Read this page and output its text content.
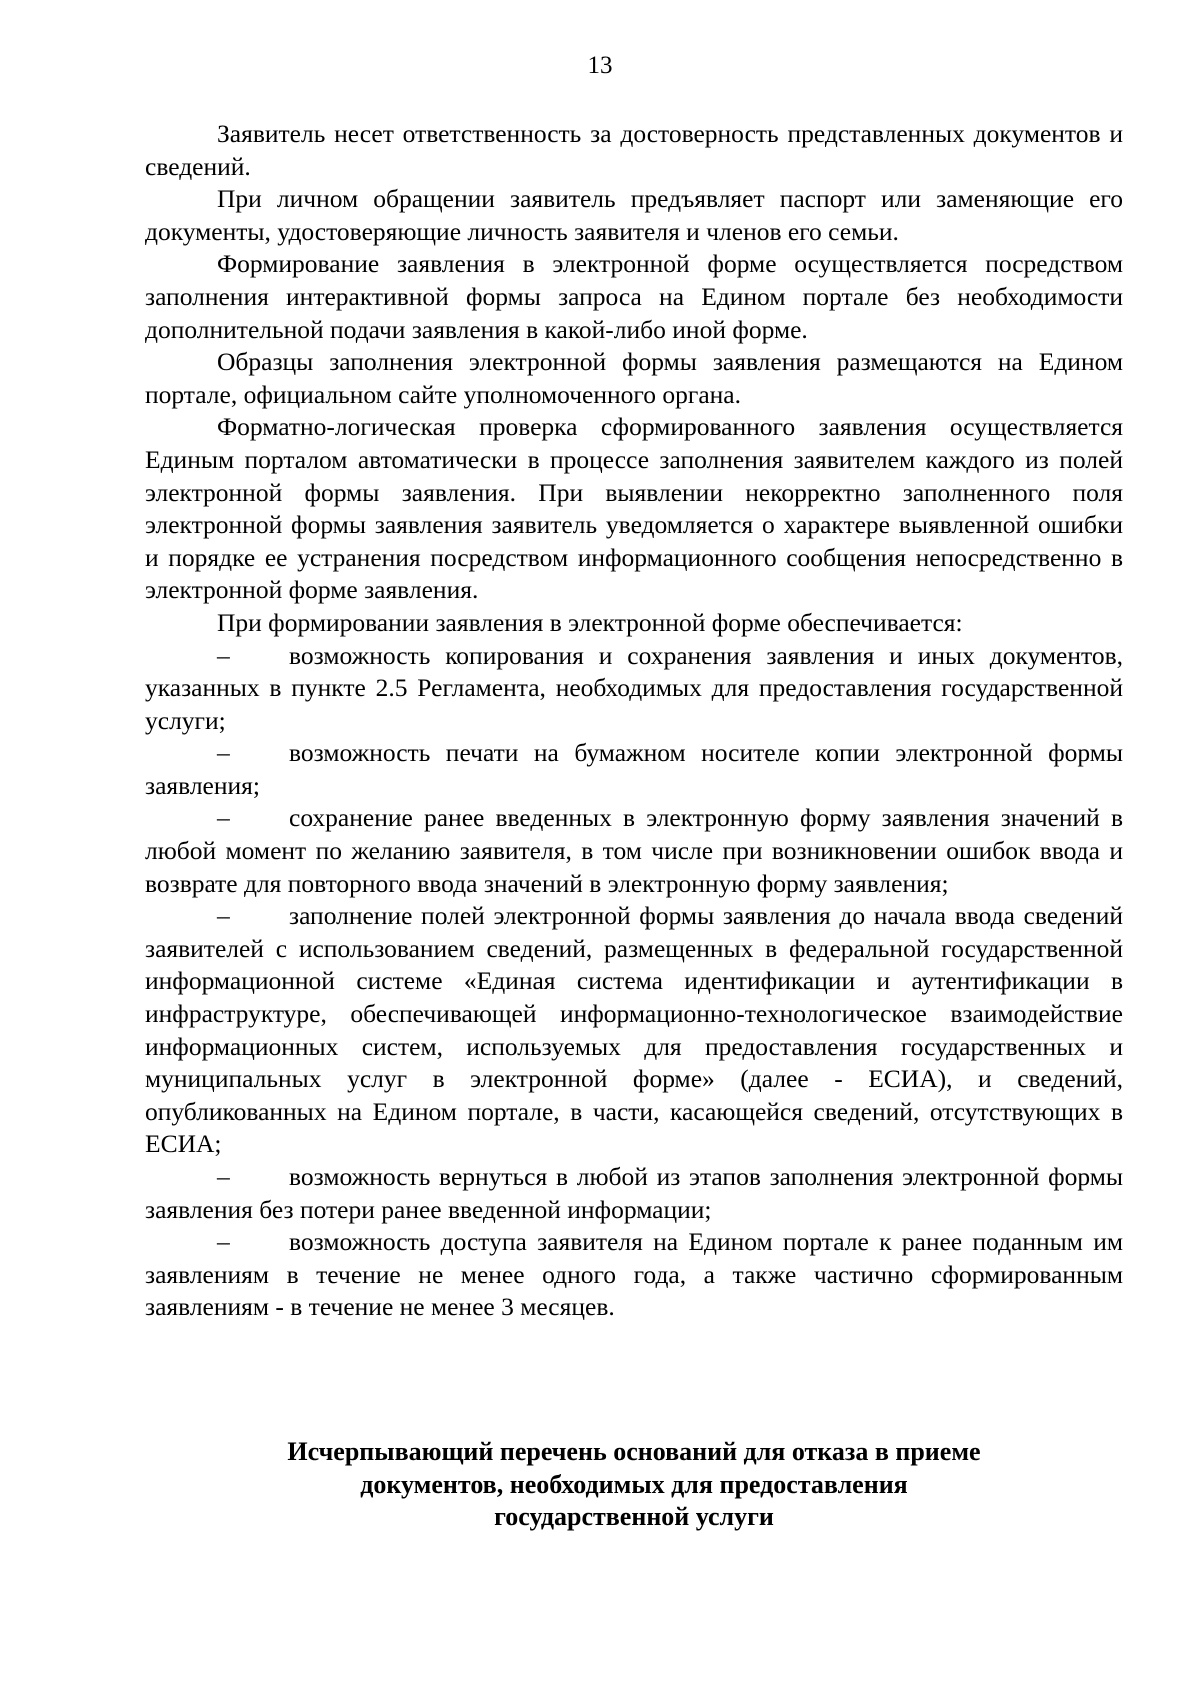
13

Заявитель несет ответственность за достоверность представленных документов и сведений.

При личном обращении заявитель предъявляет паспорт или заменяющие его документы, удостоверяющие личность заявителя и членов его семьи.

Формирование заявления в электронной форме осуществляется посредством заполнения интерактивной формы запроса на Едином портале без необходимости дополнительной подачи заявления в какой-либо иной форме.

Образцы заполнения электронной формы заявления размещаются на Едином портале, официальном сайте уполномоченного органа.

Форматно-логическая проверка сформированного заявления осуществляется Единым порталом автоматически в процессе заполнения заявителем каждого из полей электронной формы заявления. При выявлении некорректно заполненного поля электронной формы заявления заявитель уведомляется о характере выявленной ошибки и порядке ее устранения посредством информационного сообщения непосредственно в электронной форме заявления.

При формировании заявления в электронной форме обеспечивается:

– возможность копирования и сохранения заявления и иных документов, указанных в пункте 2.5 Регламента, необходимых для предоставления государственной услуги;

– возможность печати на бумажном носителе копии электронной формы заявления;

– сохранение ранее введенных в электронную форму заявления значений в любой момент по желанию заявителя, в том числе при возникновении ошибок ввода и возврате для повторного ввода значений в электронную форму заявления;

– заполнение полей электронной формы заявления до начала ввода сведений заявителей с использованием сведений, размещенных в федеральной государственной информационной системе «Единая система идентификации и аутентификации в инфраструктуре, обеспечивающей информационно-технологическое взаимодействие информационных систем, используемых для предоставления государственных и муниципальных услуг в электронной форме» (далее - ЕСИА), и сведений, опубликованных на Едином портале, в части, касающейся сведений, отсутствующих в ЕСИА;

– возможность вернуться в любой из этапов заполнения электронной формы заявления без потери ранее введенной информации;

– возможность доступа заявителя на Едином портале к ранее поданным им заявлениям в течение не менее одного года, а также частично сформированным заявлениям - в течение не менее 3 месяцев.

Исчерпывающий перечень оснований для отказа в приеме
документов, необходимых для предоставления
государственной услуги
